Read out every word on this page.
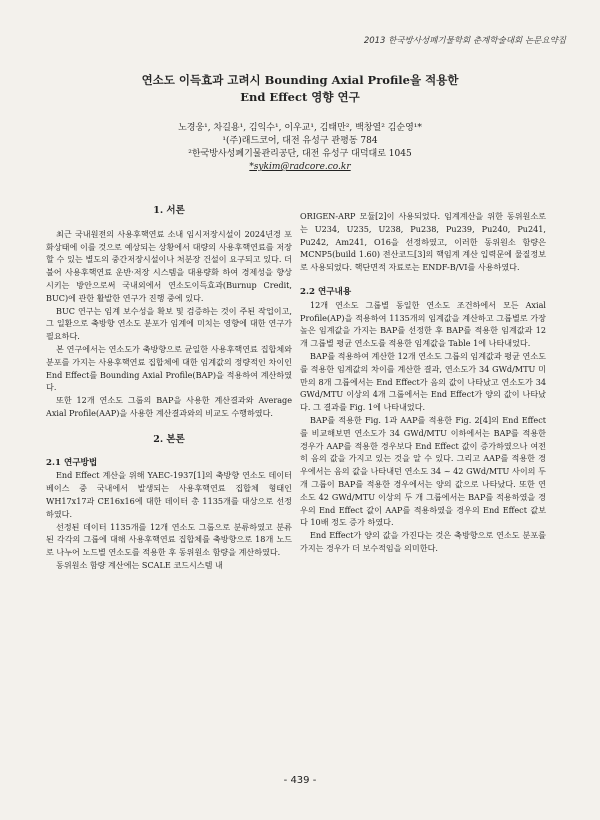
2013 한국방사성폐기물학회 춘계학술대회 논문요약집
연소도 이득효과 고려시 Bounding Axial Profile을 적용한
End Effect 영향 연구
노경웅¹, 차길용¹, 김익수¹, 이우교¹, 김태만², 백창열² 김순영¹*
¹(주)래드코어, 대전 유성구 관평동 784
²한국방사성폐기물관리공단, 대전 유성구 대덕대로 1045
*sykim@radcore.co.kr
1. 서론

최근 국내원전의 사용후핵연료 소내 임시저장시설이 2024년경 포화상태에 이를 것으로 예상되는 상황에서 대량의 사용후핵연료를 저장할 수 있는 별도의 중간저장시설이나 처분장 건설이 요구되고 있다. 더불어 사용후핵연료 운반·저장 시스템을 대용량화 하여 경제성을 향상시키는 방안으로써 국내외에서 연소도이득효과(Burnup Credit, BUC)에 관한 활발한 연구가 진행 중에 있다.

BUC 연구는 임계 보수성을 확보 및 검증하는 것이 주된 작업이고, 그 일환으로 축방향 연소도 분포가 임계에 미치는 영향에 대한 연구가 필요하다.

본 연구에서는 연소도가 축방향으로 균일한 사용후핵연료 집합체와 분포를 가지는 사용후핵연료 집합체에 대한 임계값의 정량적인 차이인 End Effect를 Bounding Axial Profile(BAP)을 적용하여 계산하였다.

또한 12개 연소도 그룹의 BAP을 사용한 계산결과와 Average Axial Profile(AAP)을 사용한 계산결과와의 비교도 수행하였다.

2. 본론
2.1 연구방법

End Effect 계산을 위해 YAEC-1937[1]의 축방향 연소도 데이터베이스 중 국내에서 발생되는 사용후핵연료 집합체 형태인 WH17x17과 CE16x16에 대한 데이터 총 1135개를 대상으로 선정하였다.

선정된 데이터 1135개를 12개 연소도 그룹으로 분류하였고 분류된 각각의 그룹에 대해 사용후핵연료 집합체를 축방향으로 18개 노드로 나누어 노드별 연소도를 적용한 후 동위원소 함량을 계산하였다.

동위원소 함량 계산에는 SCALE 코드시스템 내

ORIGEN-ARP 모듈[2]이 사용되었다. 임계계산을 위한 동위원소로는 U234, U235, U238, Pu238, Pu239, Pu240, Pu241, Pu242, Am241, O16을 선정하였고, 이러한 동위원소 함량은 MCNP5(build 1.60) 전산코드[3]의 핵임계 계산 입력문에 물질정보로 사용되었다. 핵단면적 자료로는 ENDF-B/VI를 사용하였다.

2.2 연구내용

12개 연소도 그룹별 동일한 연소도 조건하에서 모든 Axial Profile(AP)을 적용하여 1135개의 임계값을 계산하고 그룹별로 가장 높은 임계값을 가지는 BAP를 선정한 후 BAP를 적용한 임계값과 12개 그룹별 평균 연소도를 적용한 임계값을 Table 1에 나타내었다.

BAP를 적용하여 계산한 12개 연소도 그룹의 임계값과 평균 연소도를 적용한 임계값의 차이를 계산한 결과, 연소도가 34 GWd/MTU 미만의 8개 그룹에서는 End Effect가 음의 값이 나타났고 연소도가 34 GWd/MTU 이상의 4개 그룹에서는 End Effect가 양의 값이 나타났다. 그 결과를 Fig. 1에 나타내었다.

BAP를 적용한 Fig. 1과 AAP를 적용한 Fig. 2[4]의 End Effect를 비교해보면 연소도가 34 GWd/MTU 이하에서는 BAP를 적용한 경우가 AAP를 적용한 경우보다 End Effect 값이 증가하였으나 여전히 음의 값을 가지고 있는 것을 알 수 있다. 그리고 AAP를 적용한 경우에서는 음의 값을 나타내던 연소도 34 ~ 42 GWd/MTU 사이의 두 개 그룹이 BAP를 적용한 경우에서는 양의 값으로 나타났다. 또한 연소도 42 GWd/MTU 이상의 두 개 그룹에서는 BAP를 적용하였을 경우의 End Effect 값이 AAP를 적용하였을 경우의 End Effect 값보다 10배 정도 증가 하였다.

End Effect가 양의 값을 가진다는 것은 축방향으로 연소도 분포를 가지는 경우가 더 보수적임을 의미한다.

- 439 -
